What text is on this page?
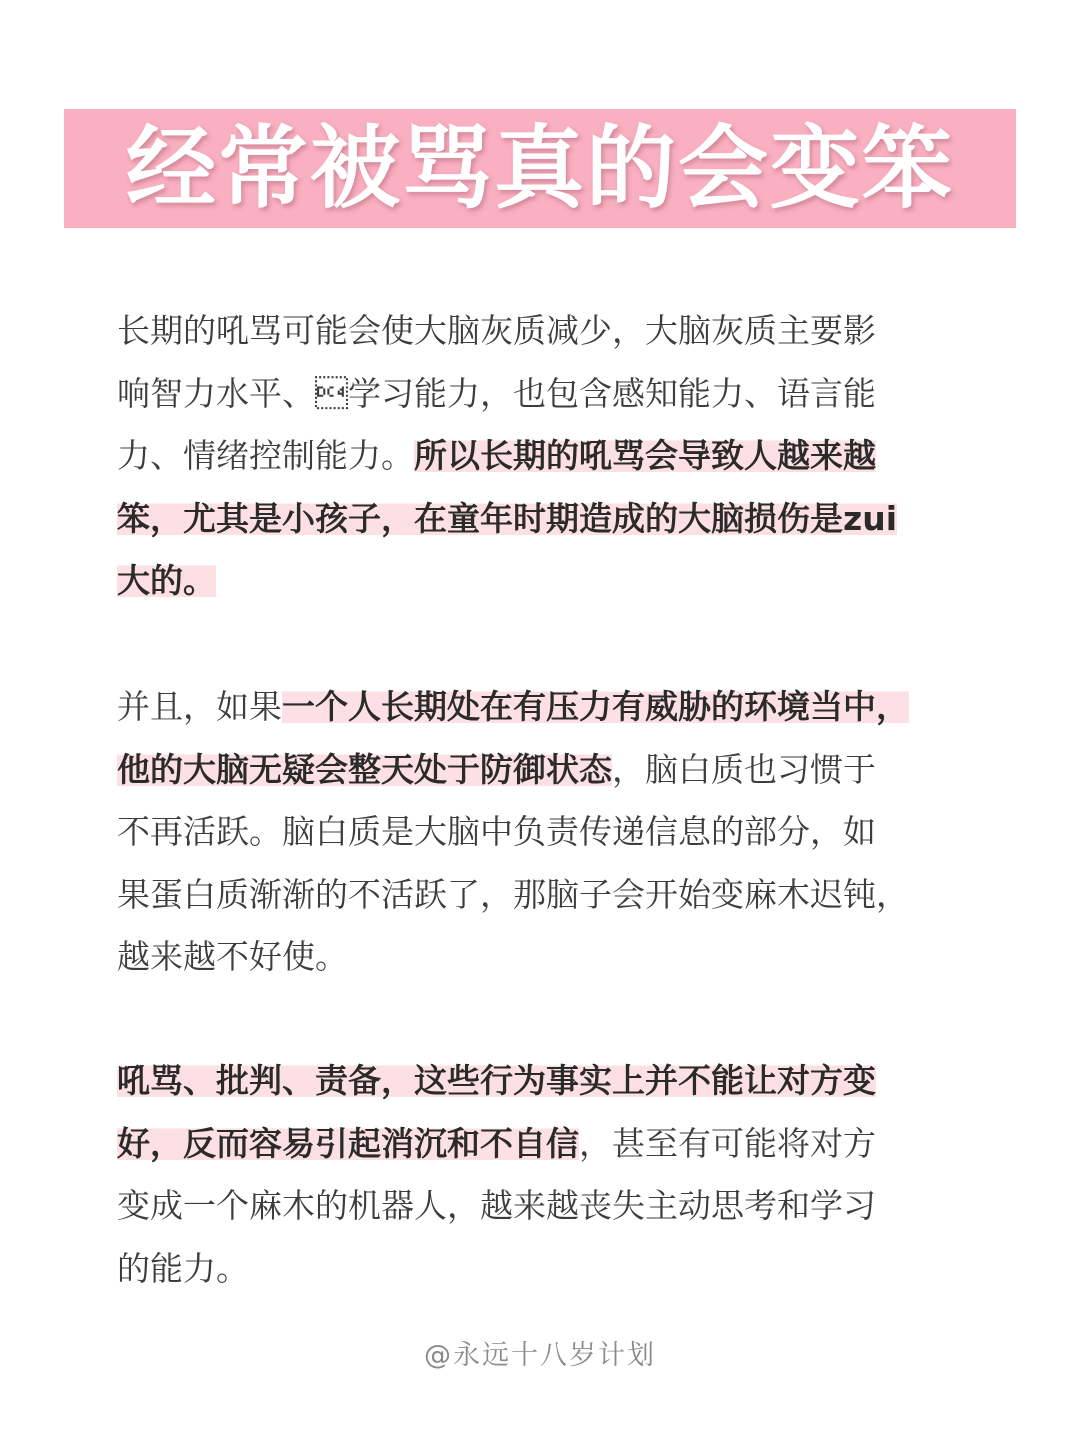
经常被骂真的会变笨
长期的吼骂可能会使大脑灰质减少，大脑灰质主要影
响智力水平、学习能力，也包含感知能力、语言能
力、情绪控制能力。所以长期的吼骂会导致人越来越
笨，尤其是小孩子，在童年时期造成的大脑损伤是zui
大的。
并且，如果一个人长期处在有压力有威胁的环境当中，
他的大脑无疑会整天处于防御状态，脑白质也习惯于
不再活跃。脑白质是大脑中负责传递信息的部分，如
果蛋白质渐渐的不活跃了，那脑子会开始变麻木迟钝，
越来越不好使。
吼骂、批判、责备，这些行为事实上并不能让对方变
好，反而容易引起消沉和不自信，甚至有可能将对方
变成一个麻木的机器人，越来越丧失主动思考和学习
的能力。
@永远十八岁计划
